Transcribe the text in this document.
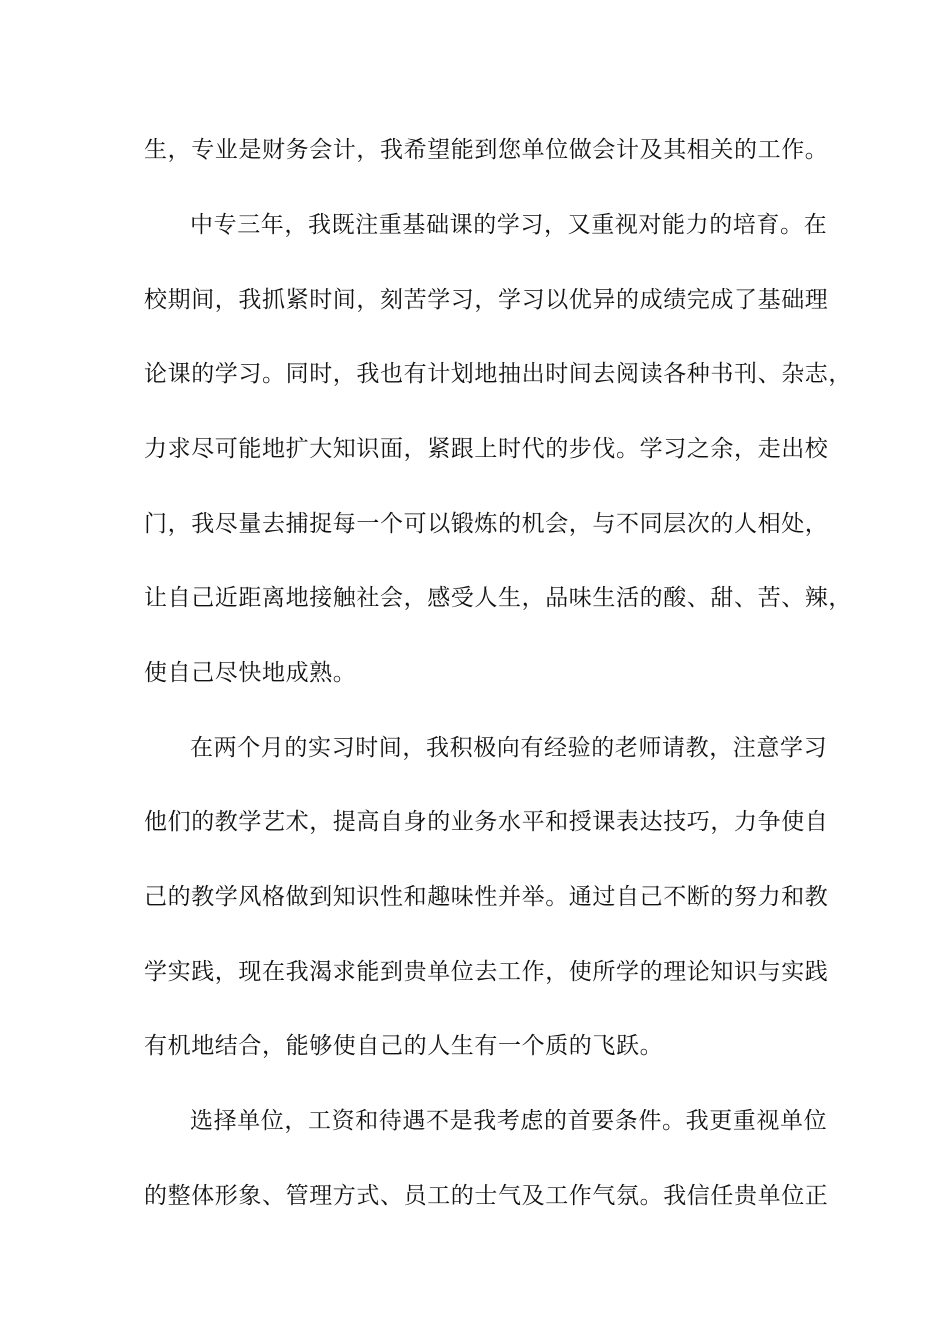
生，专业是财务会计，我希望能到您单位做会计及其相关的工作。

中专三年，我既注重基础课的学习，又重视对能力的培育。在

校期间，我抓紧时间，刻苦学习，学习以优异的成绩完成了基础理

论课的学习。同时，我也有计划地抽出时间去阅读各种书刊、杂志，

力求尽可能地扩大知识面，紧跟上时代的步伐。学习之余，走出校

门，我尽量去捕捉每一个可以锻炼的机会，与不同层次的人相处，

让自己近距离地接触社会，感受人生，品味生活的酸、甜、苦、辣，

使自己尽快地成熟。

在两个月的实习时间，我积极向有经验的老师请教，注意学习

他们的教学艺术，提高自身的业务水平和授课表达技巧，力争使自

己的教学风格做到知识性和趣味性并举。通过自己不断的努力和教

学实践，现在我渴求能到贵单位去工作，使所学的理论知识与实践

有机地结合，能够使自己的人生有一个质的飞跃。

选择单位，工资和待遇不是我考虑的首要条件。我更重视单位

的整体形象、管理方式、员工的士气及工作气氛。我信任贵单位正
